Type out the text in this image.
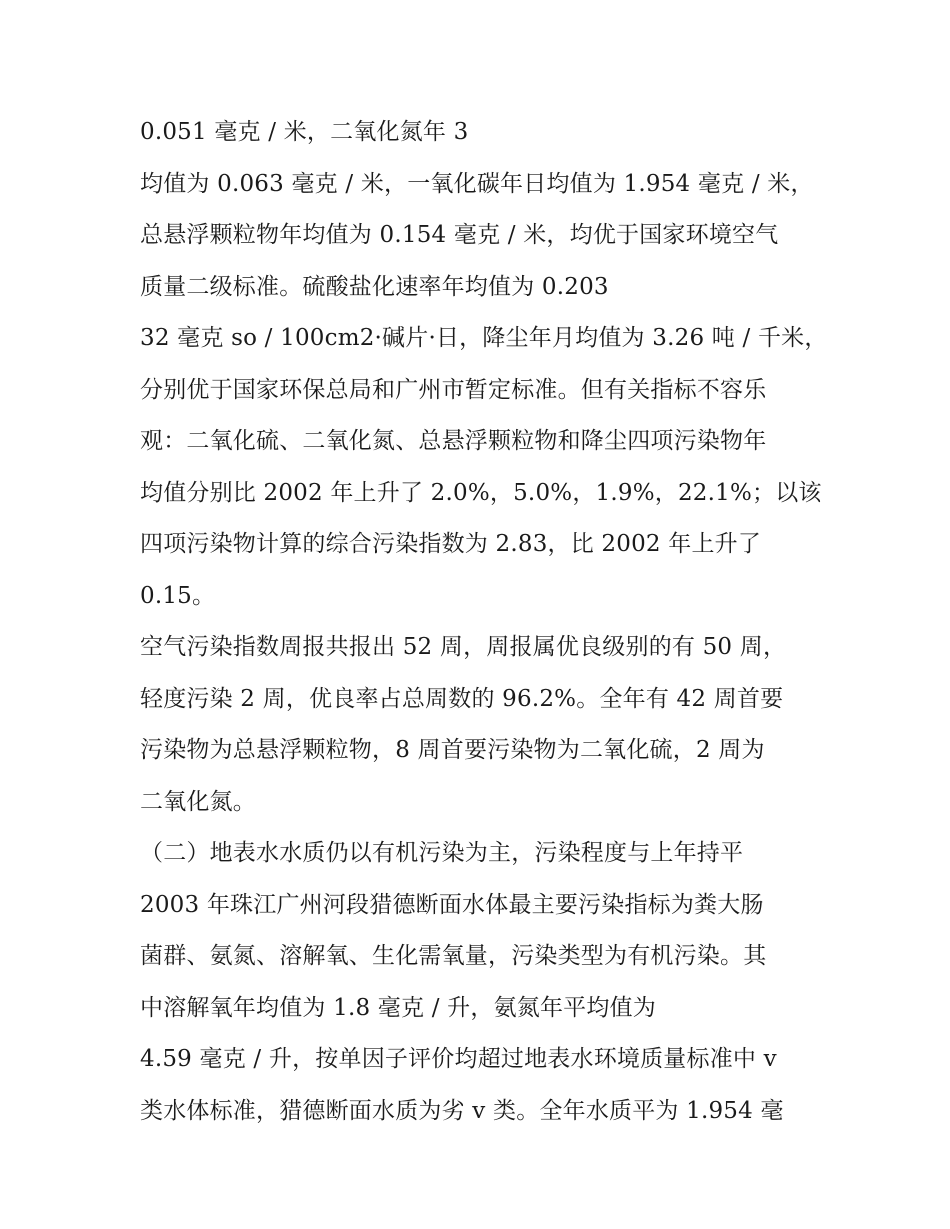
0.051 毫克 / 米，二氧化氮年 3
均值为 0.063 毫克 / 米，一氧化碳年日均值为 1.954 毫克 / 米，
总悬浮颗粒物年均值为 0.154 毫克 / 米，均优于国家环境空气
质量二级标准。硫酸盐化速率年均值为 0.203
32 毫克 so / 100cm2·碱片·日，降尘年月均值为 3.26 吨 / 千米，
分别优于国家环保总局和广州市暂定标准。但有关指标不容乐
观：二氧化硫、二氧化氮、总悬浮颗粒物和降尘四项污染物年
均值分别比 2002 年上升了 2.0%，5.0%，1.9%，22.1%；以该
四项污染物计算的综合污染指数为 2.83，比 2002 年上升了
0.15。
空气污染指数周报共报出 52 周，周报属优良级别的有 50 周，
轻度污染 2 周，优良率占总周数的 96.2%。全年有 42 周首要
污染物为总悬浮颗粒物，8 周首要污染物为二氧化硫，2 周为
二氧化氮。
（二）地表水水质仍以有机污染为主，污染程度与上年持平
2003 年珠江广州河段猎德断面水体最主要污染指标为粪大肠
菌群、氨氮、溶解氧、生化需氧量，污染类型为有机污染。其
中溶解氧年均值为 1.8 毫克 / 升，氨氮年平均值为
4.59 毫克 / 升，按单因子评价均超过地表水环境质量标准中 v
类水体标准，猎德断面水质为劣 v 类。全年水质平为 1.954 毫
